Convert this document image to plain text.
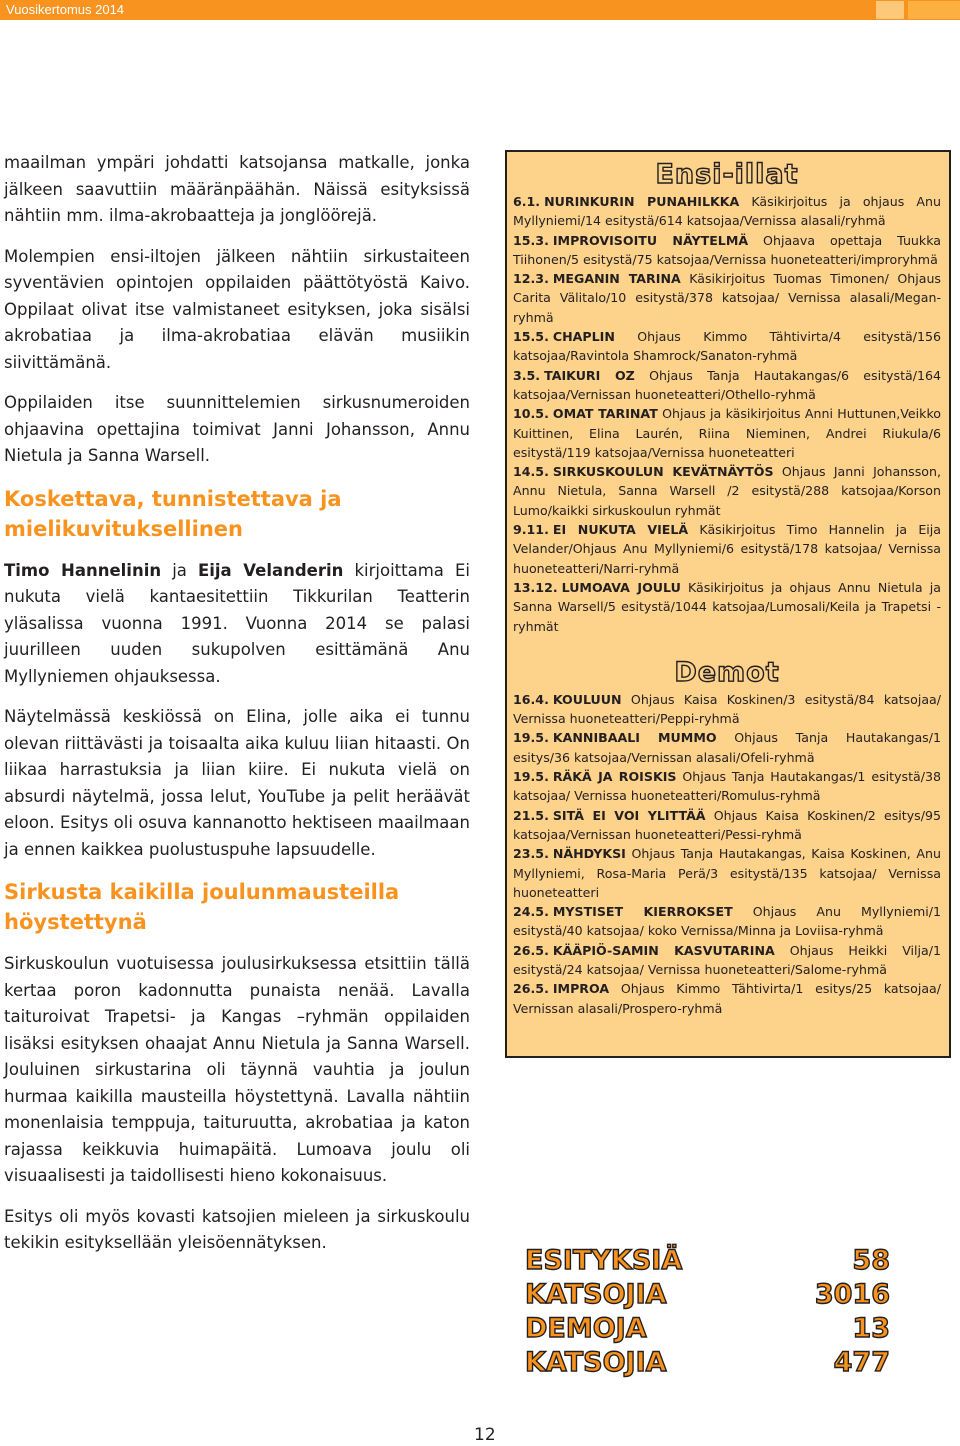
Vuosikertomus 2014

maailman ympäri johdatti katsojansa matkalle, jonka jälkeen saavuttiin määränpäähän. Näissä esityksissä nähtiin mm. ilma-akrobaatteja ja jonglöörejä.

Molempien ensi-iltojen jälkeen nähtiin sirkustaiteen syventävien opintojen oppilaiden päättötyöstä Kaivo. Oppilaat olivat itse valmistaneet esityksen, joka sisälsi akrobatiaa ja ilma-akrobatiaa elävän musiikin siivittämänä.

Oppilaiden itse suunnittelemien sirkusnumeroiden ohjaavina opettajina toimivat Janni Johansson, Annu Nietula ja Sanna Warsell.

Koskettava, tunnistettava ja mielikuvituksellinen

Timo Hannelinin ja Eija Velanderin kirjoittama Ei nukuta vielä kantaesitettiin Tikkurilan Teatterin yläsalissa vuonna 1991. Vuonna 2014 se palasi juurilleen uuden sukupolven esittämänä Anu Myllyniemen ohjauksessa.

Näytelmässä keskiössä on Elina, jolle aika ei tunnu olevan riittävästi ja toisaalta aika kuluu liian hitaasti. On liikaa harrastuksia ja liian kiire. Ei nukuta vielä on absurdi näytelmä, jossa lelut, YouTube ja pelit heräävät eloon. Esitys oli osuva kannanotto hektiseen maailmaan ja ennen kaikkea puolustuspuhe lapsuudelle.

Sirkusta kaikilla joulunmausteilla höystettynä

Sirkuskoulun vuotuisessa joulusirkuksessa etsittiin tällä kertaa poron kadonnutta punaista nenää. Lavalla taituroivat Trapetsi- ja Kangas –ryhmän oppilaiden lisäksi esityksen ohaajat Annu Nietula ja Sanna Warsell. Jouluinen sirkustarina oli täynnä vauhtia ja joulun hurmaa kaikilla mausteilla höystettynä. Lavalla nähtiin monenlaisia temppuja, taituruutta, akrobatiaa ja katon rajassa keikkuvia huimapäitä. Lumoava joulu oli visuaalisesti ja taidollisesti hieno kokonaisuus.

Esitys oli myös kovasti katsojien mieleen ja sirkuskoulu tekikin esityksellään yleisöennätyksen.

Ensi-illat
6.1. NURINKURIN PUNAHILKKA Käsikirjoitus ja ohjaus Anu Myllyniemi/14 esitystä/614 katsojaa/Vernissa alasali/ryhmä
15.3. IMPROVISOITU NÄYTELMÄ Ohjaava opettaja Tuukka Tiihonen/5 esitystä/75 katsojaa/Vernissa huoneteatteri/improryhmä
12.3. MEGANIN TARINA Käsikirjoitus Tuomas Timonen/ Ohjaus Carita Välitalo/10 esitystä/378 katsojaa/ Vernissa alasali/Megan-ryhmä
15.5. CHAPLIN Ohjaus Kimmo Tähtivirta/4 esitystä/156 katsojaa/Ravintola Shamrock/Sanaton-ryhmä
3.5. TAIKURI OZ Ohjaus Tanja Hautakangas/6 esitystä/164 katsojaa/Vernissan huoneteatteri/Othello-ryhmä
10.5. OMAT TARINAT Ohjaus ja käsikirjoitus Anni Huttunen,Veikko Kuittinen, Elina Laurén, Riina Nieminen, Andrei Riukula/6 esitystä/119 katsojaa/Vernissa huoneteatteri
14.5. SIRKUSKOULUN KEVÄTNÄYTÖS Ohjaus Janni Johansson, Annu Nietula, Sanna Warsell /2 esitystä/288 katsojaa/Korson Lumo/kaikki sirkuskoulun ryhmät
9.11. EI NUKUTA VIELÄ Käsikirjoitus Timo Hannelin ja Eija Velander/Ohjaus Anu Myllyniemi/6 esitystä/178 katsojaa/ Vernissa huoneteatteri/Narri-ryhmä
13.12. LUMOAVA JOULU Käsikirjoitus ja ohjaus Annu Nietula ja Sanna Warsell/5 esitystä/1044 katsojaa/Lumosali/Keila ja Trapetsi -ryhmät
Demot
16.4. KOULUUN Ohjaus Kaisa Koskinen/3 esitystä/84 katsojaa/ Vernissa huoneteatteri/Peppi-ryhmä
19.5. KANNIBAALI MUMMO Ohjaus Tanja Hautakangas/1 esitys/36 katsojaa/Vernissan alasali/Ofeli-ryhmä
19.5. RÄKÄ JA ROISKIS Ohjaus Tanja Hautakangas/1 esitystä/38 katsojaa/ Vernissa huoneteatteri/Romulus-ryhmä
21.5. SITÄ EI VOI YLITTÄÄ Ohjaus Kaisa Koskinen/2 esitys/95 katsojaa/Vernissan huoneteatteri/Pessi-ryhmä
23.5. NÄHDYKSI Ohjaus Tanja Hautakangas, Kaisa Koskinen, Anu Myllyniemi, Rosa-Maria Perä/3 esitystä/135 katsojaa/ Vernissa huoneteatteri
24.5. MYSTISET KIERROKSET Ohjaus Anu Myllyniemi/1 esitystä/40 katsojaa/ koko Vernissa/Minna ja Loviisa-ryhmä
26.5. KÄÄPIÖ-SAMIN KASVUTARINA Ohjaus Heikki Vilja/1 esitystä/24 katsojaa/ Vernissa huoneteatteri/Salome-ryhmä
26.5. IMPROA Ohjaus Kimmo Tähtivirta/1 esitys/25 katsojaa/ Vernissan alasali/Prospero-ryhmä
ESITYKSIÄ	58
KATSOJIA	3016
DEMOJA	13
KATSOJIA	477
12
